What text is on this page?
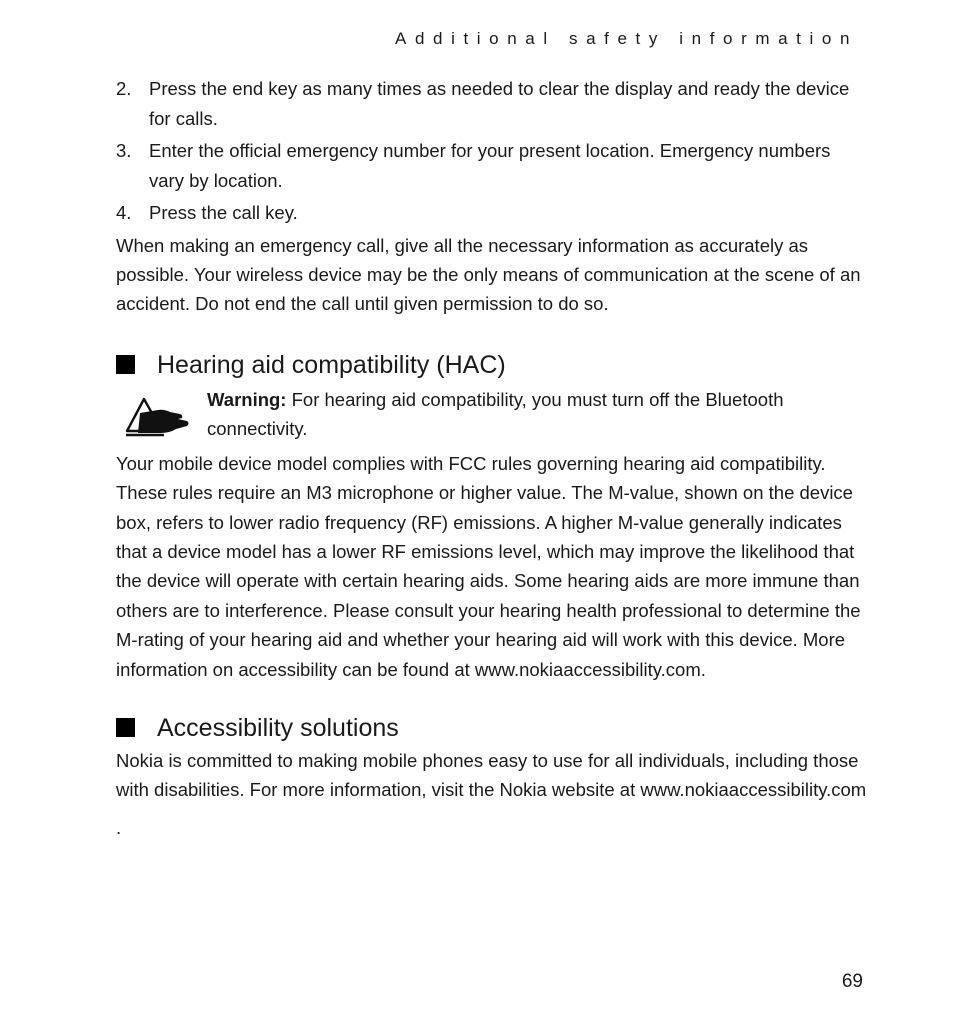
Additional safety information
2. Press the end key as many times as needed to clear the display and ready the device for calls.
3. Enter the official emergency number for your present location. Emergency numbers vary by location.
4. Press the call key.

When making an emergency call, give all the necessary information as accurately as possible. Your wireless device may be the only means of communication at the scene of an accident. Do not end the call until given permission to do so.

Hearing aid compatibility (HAC)
Warning: For hearing aid compatibility, you must turn off the Bluetooth connectivity.

Your mobile device model complies with FCC rules governing hearing aid compatibility. These rules require an M3 microphone or higher value. The M-value, shown on the device box, refers to lower radio frequency (RF) emissions. A higher M-value generally indicates that a device model has a lower RF emissions level, which may improve the likelihood that the device will operate with certain hearing aids. Some hearing aids are more immune than others are to interference. Please consult your hearing health professional to determine the M-rating of your hearing aid and whether your hearing aid will work with this device. More information on accessibility can be found at www.nokiaaccessibility.com.

Accessibility solutions

Nokia is committed to making mobile phones easy to use for all individuals, including those with disabilities. For more information, visit the Nokia website at www.nokiaaccessibility.com

.

69
